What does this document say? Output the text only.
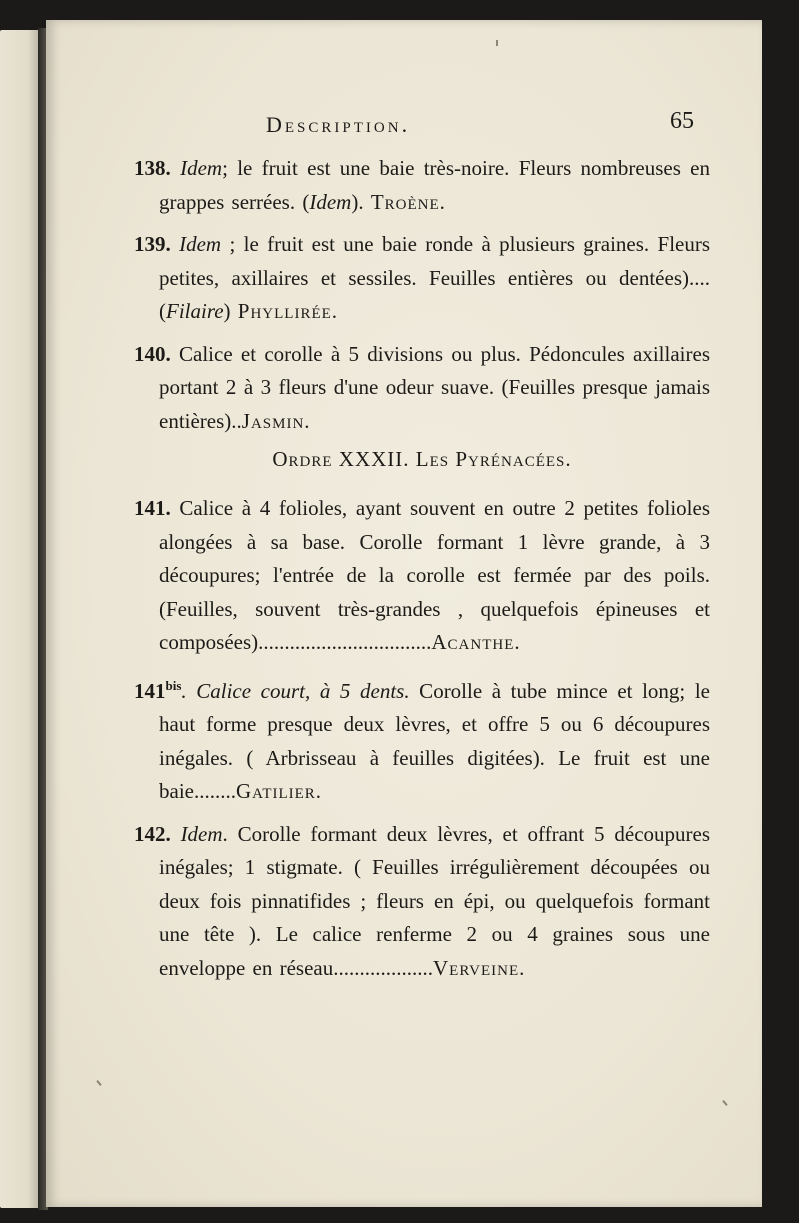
Description.	65

138. Idem; le fruit est une baie très-noire. Fleurs nombreuses en grappes serrées. (Idem). Troène.

139. Idem ; le fruit est une baie ronde à plusieurs graines. Fleurs petites, axillaires et sessiles. Feuilles entières ou dentées)....(Filaire) Phyllirée.

140. Calice et corolle à 5 divisions ou plus. Pédoncules axillaires portant 2 à 3 fleurs d'une odeur suave. (Feuilles presque jamais entières)..Jasmin.

Ordre XXXII. Les Pyrénacées.

141. Calice à 4 folioles, ayant souvent en outre 2 petites folioles alongées à sa base. Corolle formant 1 lèvre grande, à 3 découpures; l'entrée de la corolle est fermée par des poils. (Feuilles, souvent très-grandes , quelquefois épineuses et composées).................................Acanthe.

$141^{bis}$. Calice court, à 5 dents. Corolle à tube mince et long; le haut forme presque deux lèvres, et offre 5 ou 6 découpures inégales. ( Arbrisseau à feuilles digitées). Le fruit est une baie........Gatilier.

142. Idem. Corolle formant deux lèvres, et offrant 5 découpures inégales; 1 stigmate. ( Feuilles irrégulièrement découpées ou deux fois pinnatifides ; fleurs en épi, ou quelquefois formant une tête ). Le calice renferme 2 ou 4 graines sous une enveloppe en réseau...................Verveine.
